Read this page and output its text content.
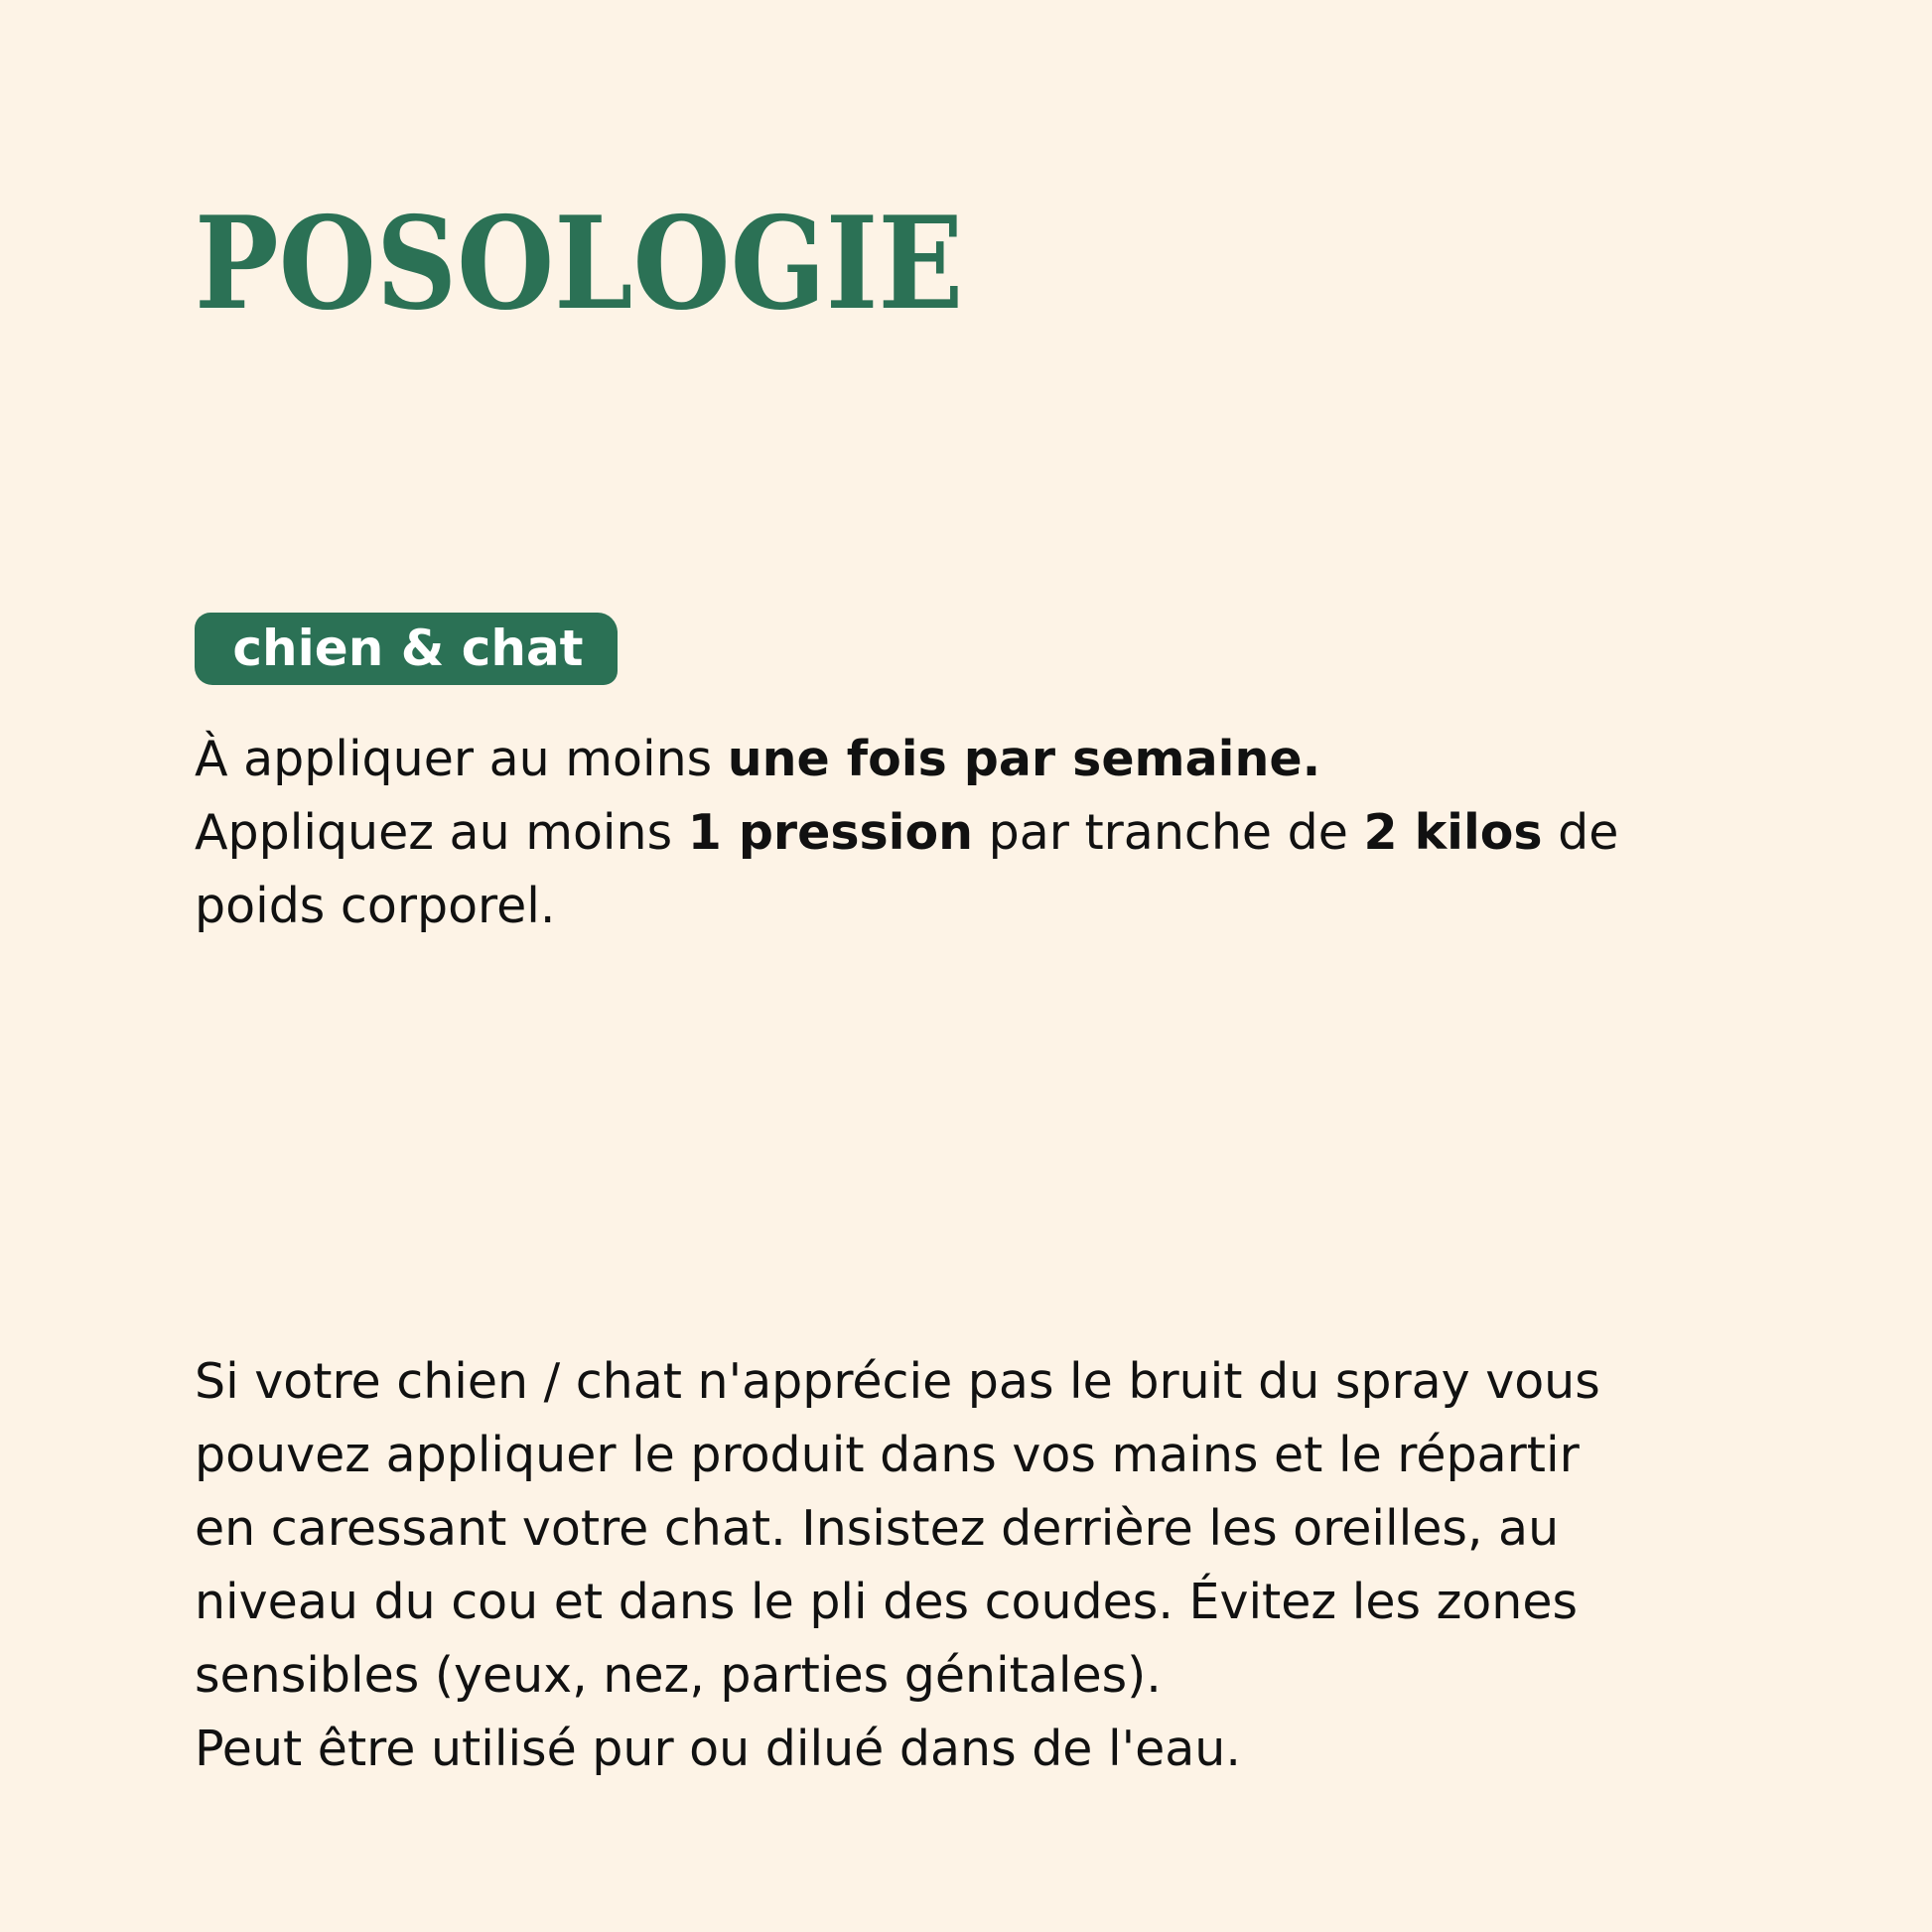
POSOLOGIE
chien & chat

À appliquer au moins une fois par semaine.
Appliquez au moins 1 pression par tranche de 2 kilos de
poids corporel.

Si votre chien / chat n'apprécie pas le bruit du spray vous
pouvez appliquer le produit dans vos mains et le répartir
en caressant votre chat. Insistez derrière les oreilles, au
niveau du cou et dans le pli des coudes. Évitez les zones
sensibles (yeux, nez, parties génitales).
Peut être utilisé pur ou dilué dans de l'eau.
